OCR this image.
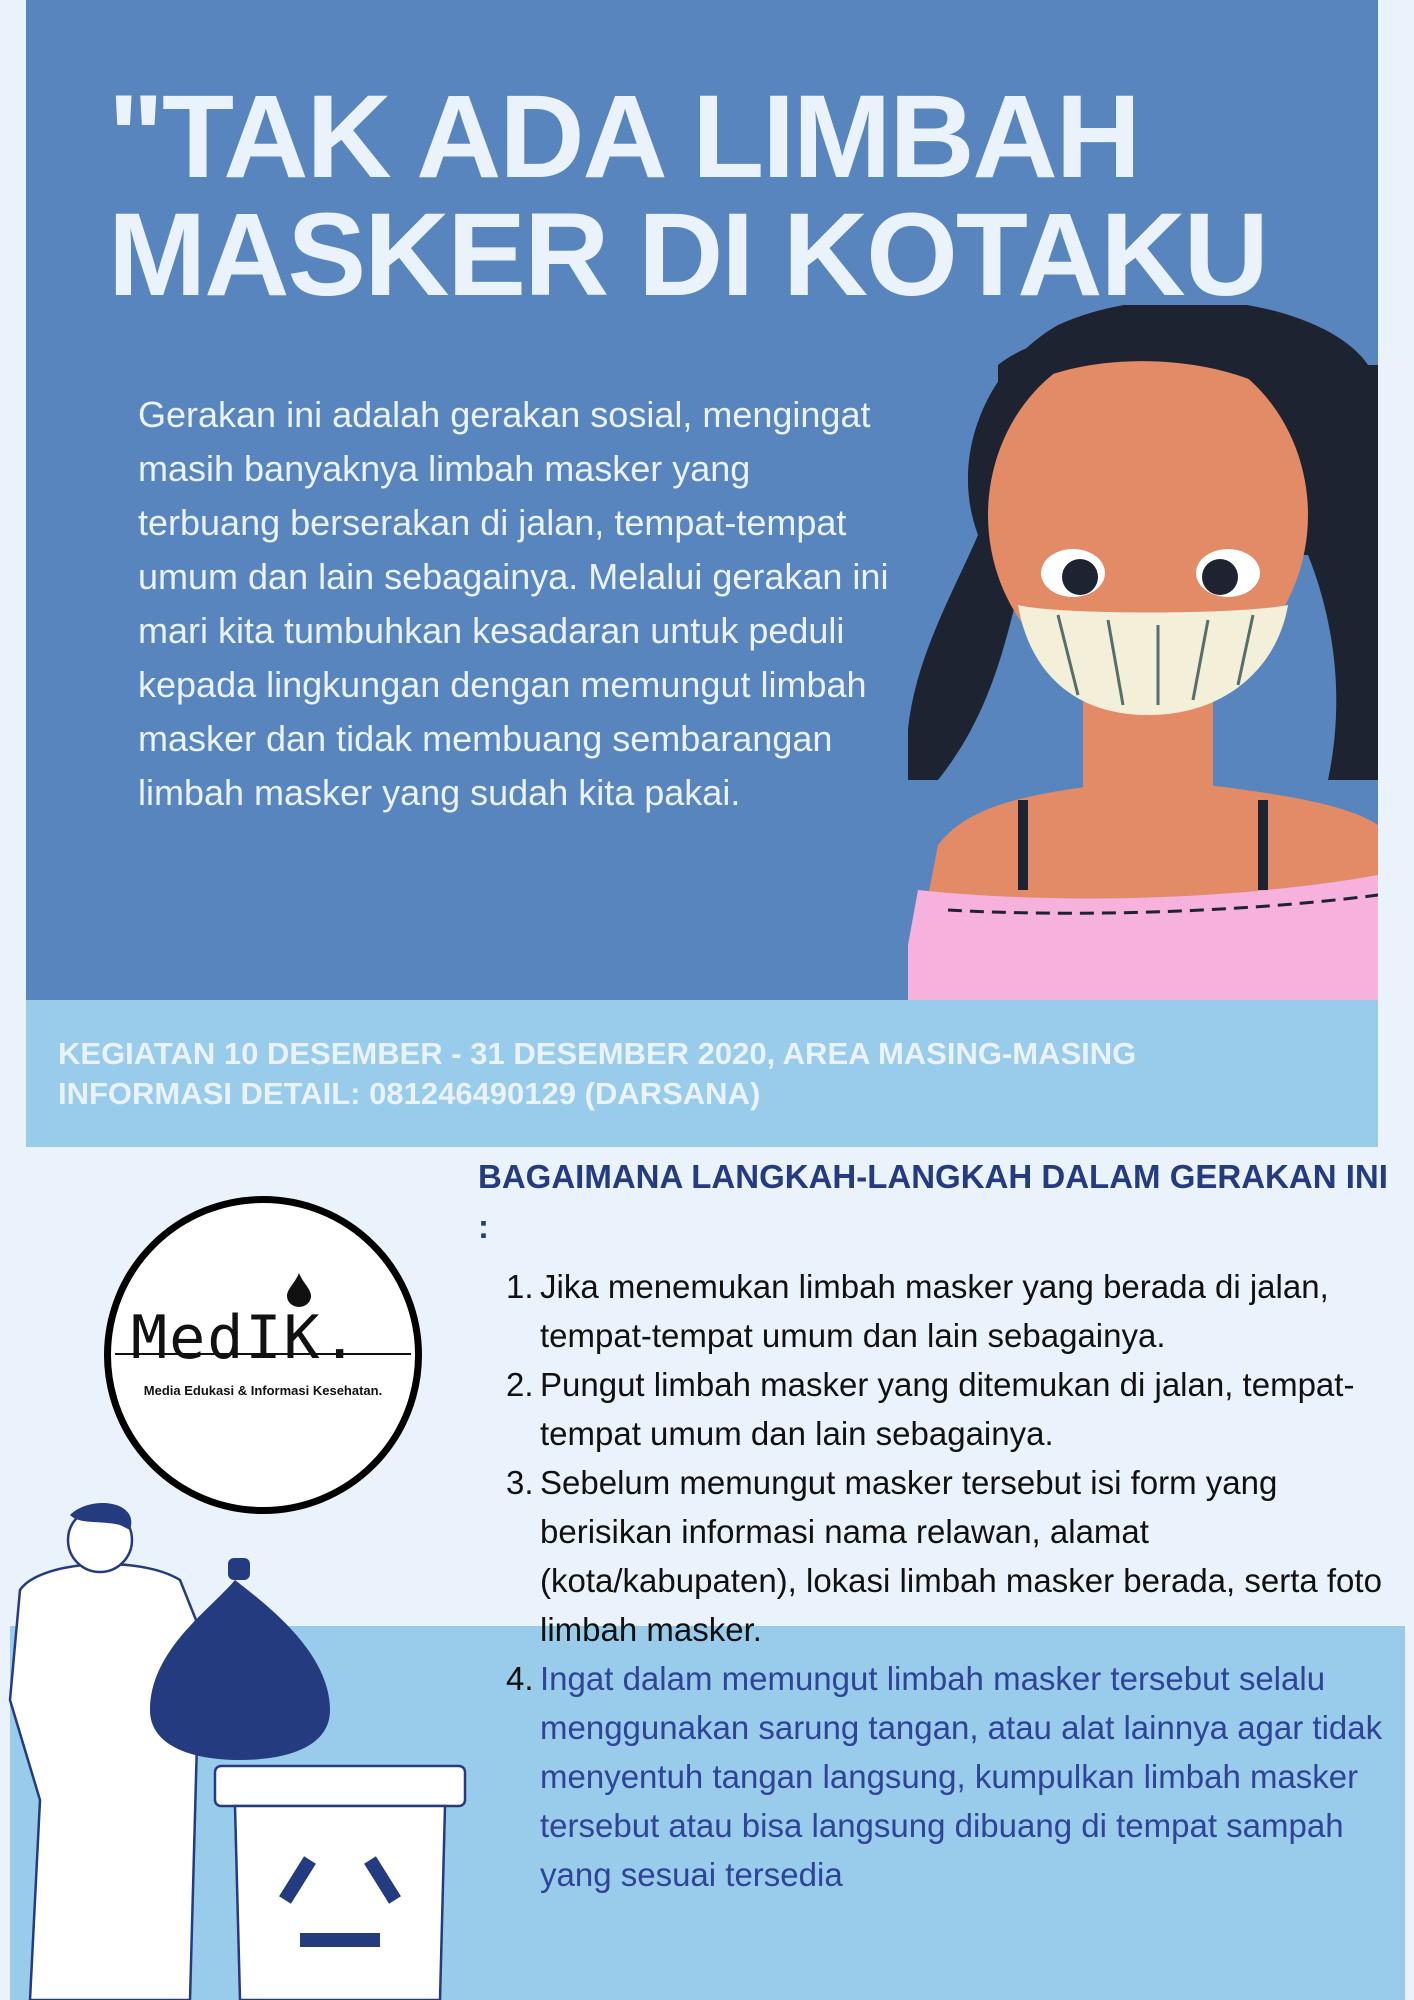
"TAK ADA LIMBAH
MASKER DI KOTAKU

Gerakan ini adalah gerakan sosial, mengingat masih banyaknya limbah masker yang terbuang berserakan di jalan, tempat-tempat umum dan lain sebagainya. Melalui gerakan ini mari kita tumbuhkan kesadaran untuk peduli kepada lingkungan dengan memungut limbah masker dan tidak membuang sembarangan limbah masker yang sudah kita pakai.

KEGIATAN 10 DESEMBER - 31 DESEMBER 2020, AREA MASING-MASING

INFORMASI DETAIL: 081246490129 (DARSANA)

MedIK.
Media Edukasi & Informasi Kesehatan.
BAGAIMANA LANGKAH-LANGKAH DALAM GERAKAN INI :
1. Jika menemukan limbah masker yang berada di jalan, tempat-tempat umum dan lain sebagainya.
2. Pungut limbah masker yang ditemukan di jalan, tempat-tempat umum dan lain sebagainya.
3. Sebelum memungut masker tersebut isi form yang berisikan informasi nama relawan, alamat (kota/kabupaten), lokasi limbah masker berada, serta foto limbah masker.
4. Ingat dalam memungut limbah masker tersebut selalu menggunakan sarung tangan, atau alat lainnya agar tidak menyentuh tangan langsung, kumpulkan limbah masker tersebut atau bisa langsung dibuang di tempat sampah yang sesuai tersedia
